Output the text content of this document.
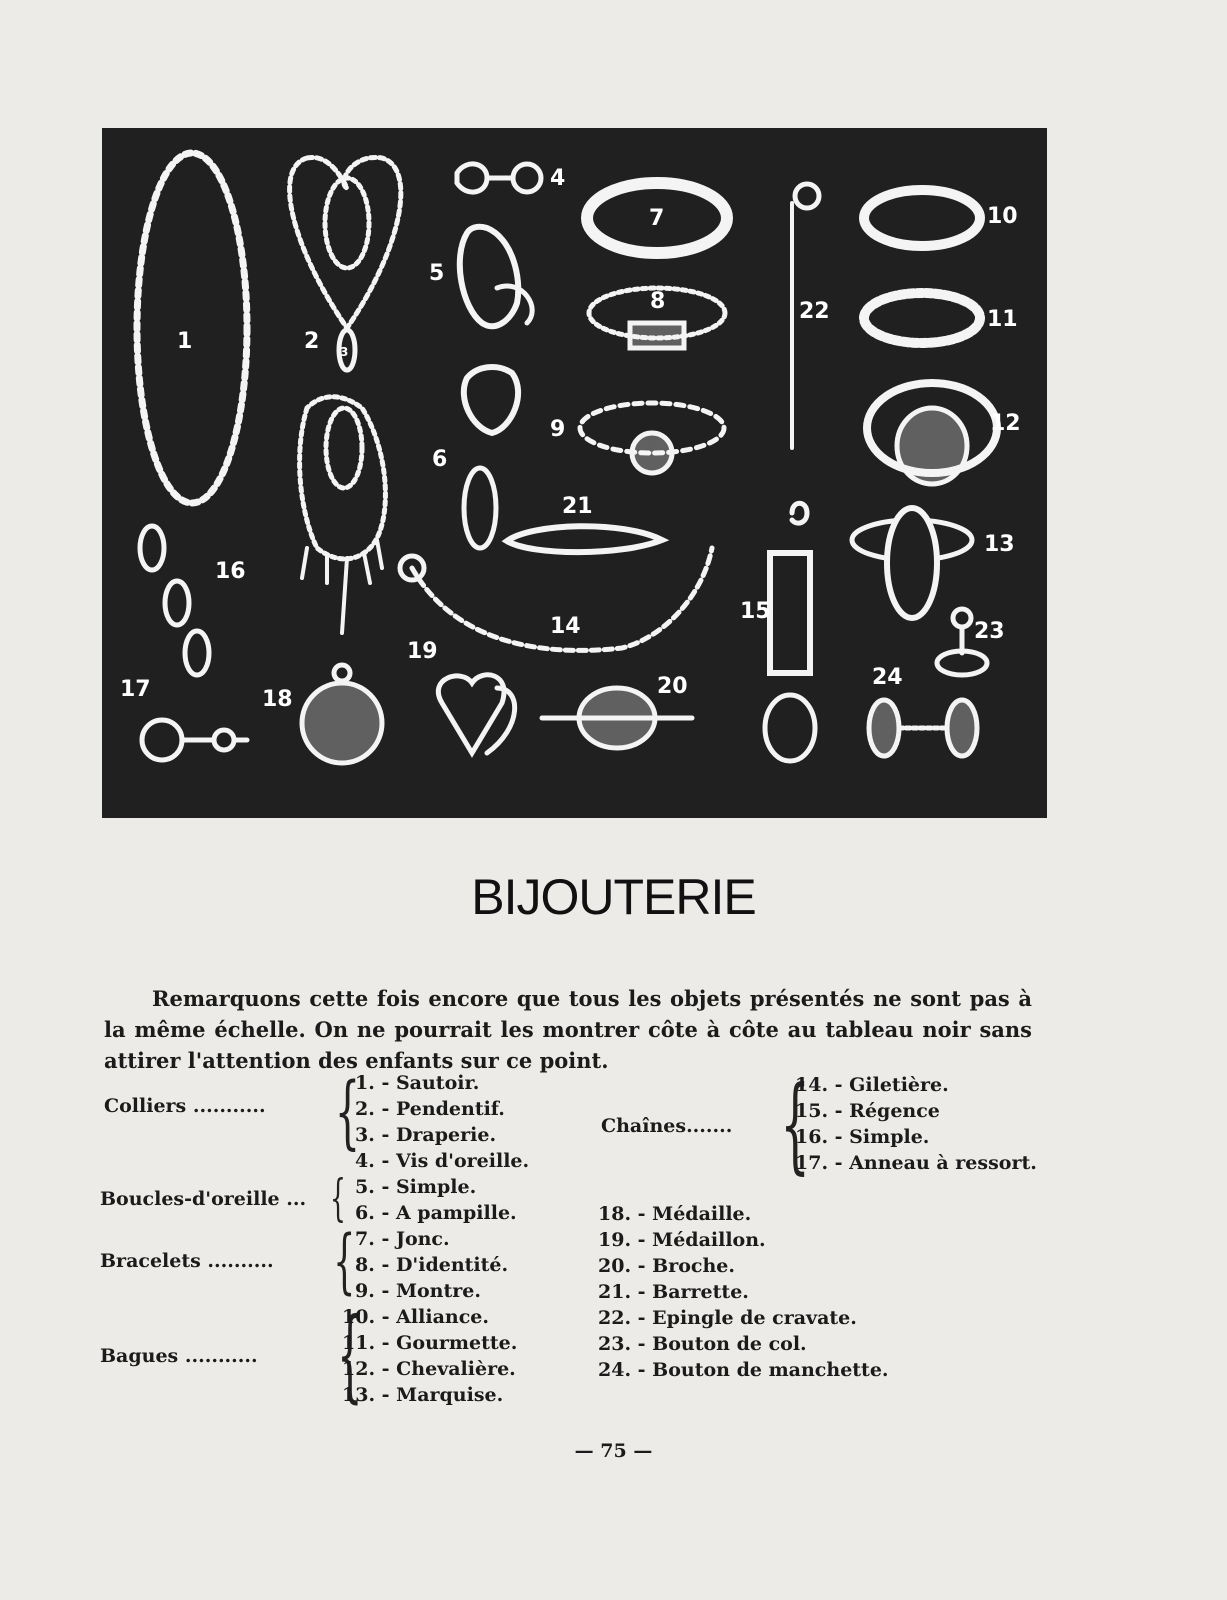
1	2 3
4
5
6
7
8
9
10
11
12
13
14
15
16
17	18
19
20
21
22
23
24
BIJOUTERIE

Remarquons cette fois encore que tous les objets présentés ne sont pas à la même échelle. On ne pourrait les montrer côte à côte au tableau noir sans attirer l'attention des enfants sur ce point.

Colliers ........... {
1. - Sautoir.
2. - Pendentif.
3. - Draperie.
4. - Vis d'oreille.
Boucles-d'oreille ... { 5. - Simple.
6. - A pampille.
Bracelets .......... { 7. - Jonc.
8. - D'identité.
9. - Montre.
Bagues ........... {
10. - Alliance.
11. - Gourmette.
12. - Chevalière.
13. - Marquise.
Chaînes....... }
14. - Giletière.
15. - Régence
16. - Simple.
17. - Anneau à ressort.
18. - Médaille.
19. - Médaillon.
20. - Broche.
21. - Barrette.
22. - Epingle de cravate.
23. - Bouton de col.
24. - Bouton de manchette.
— 75 —
